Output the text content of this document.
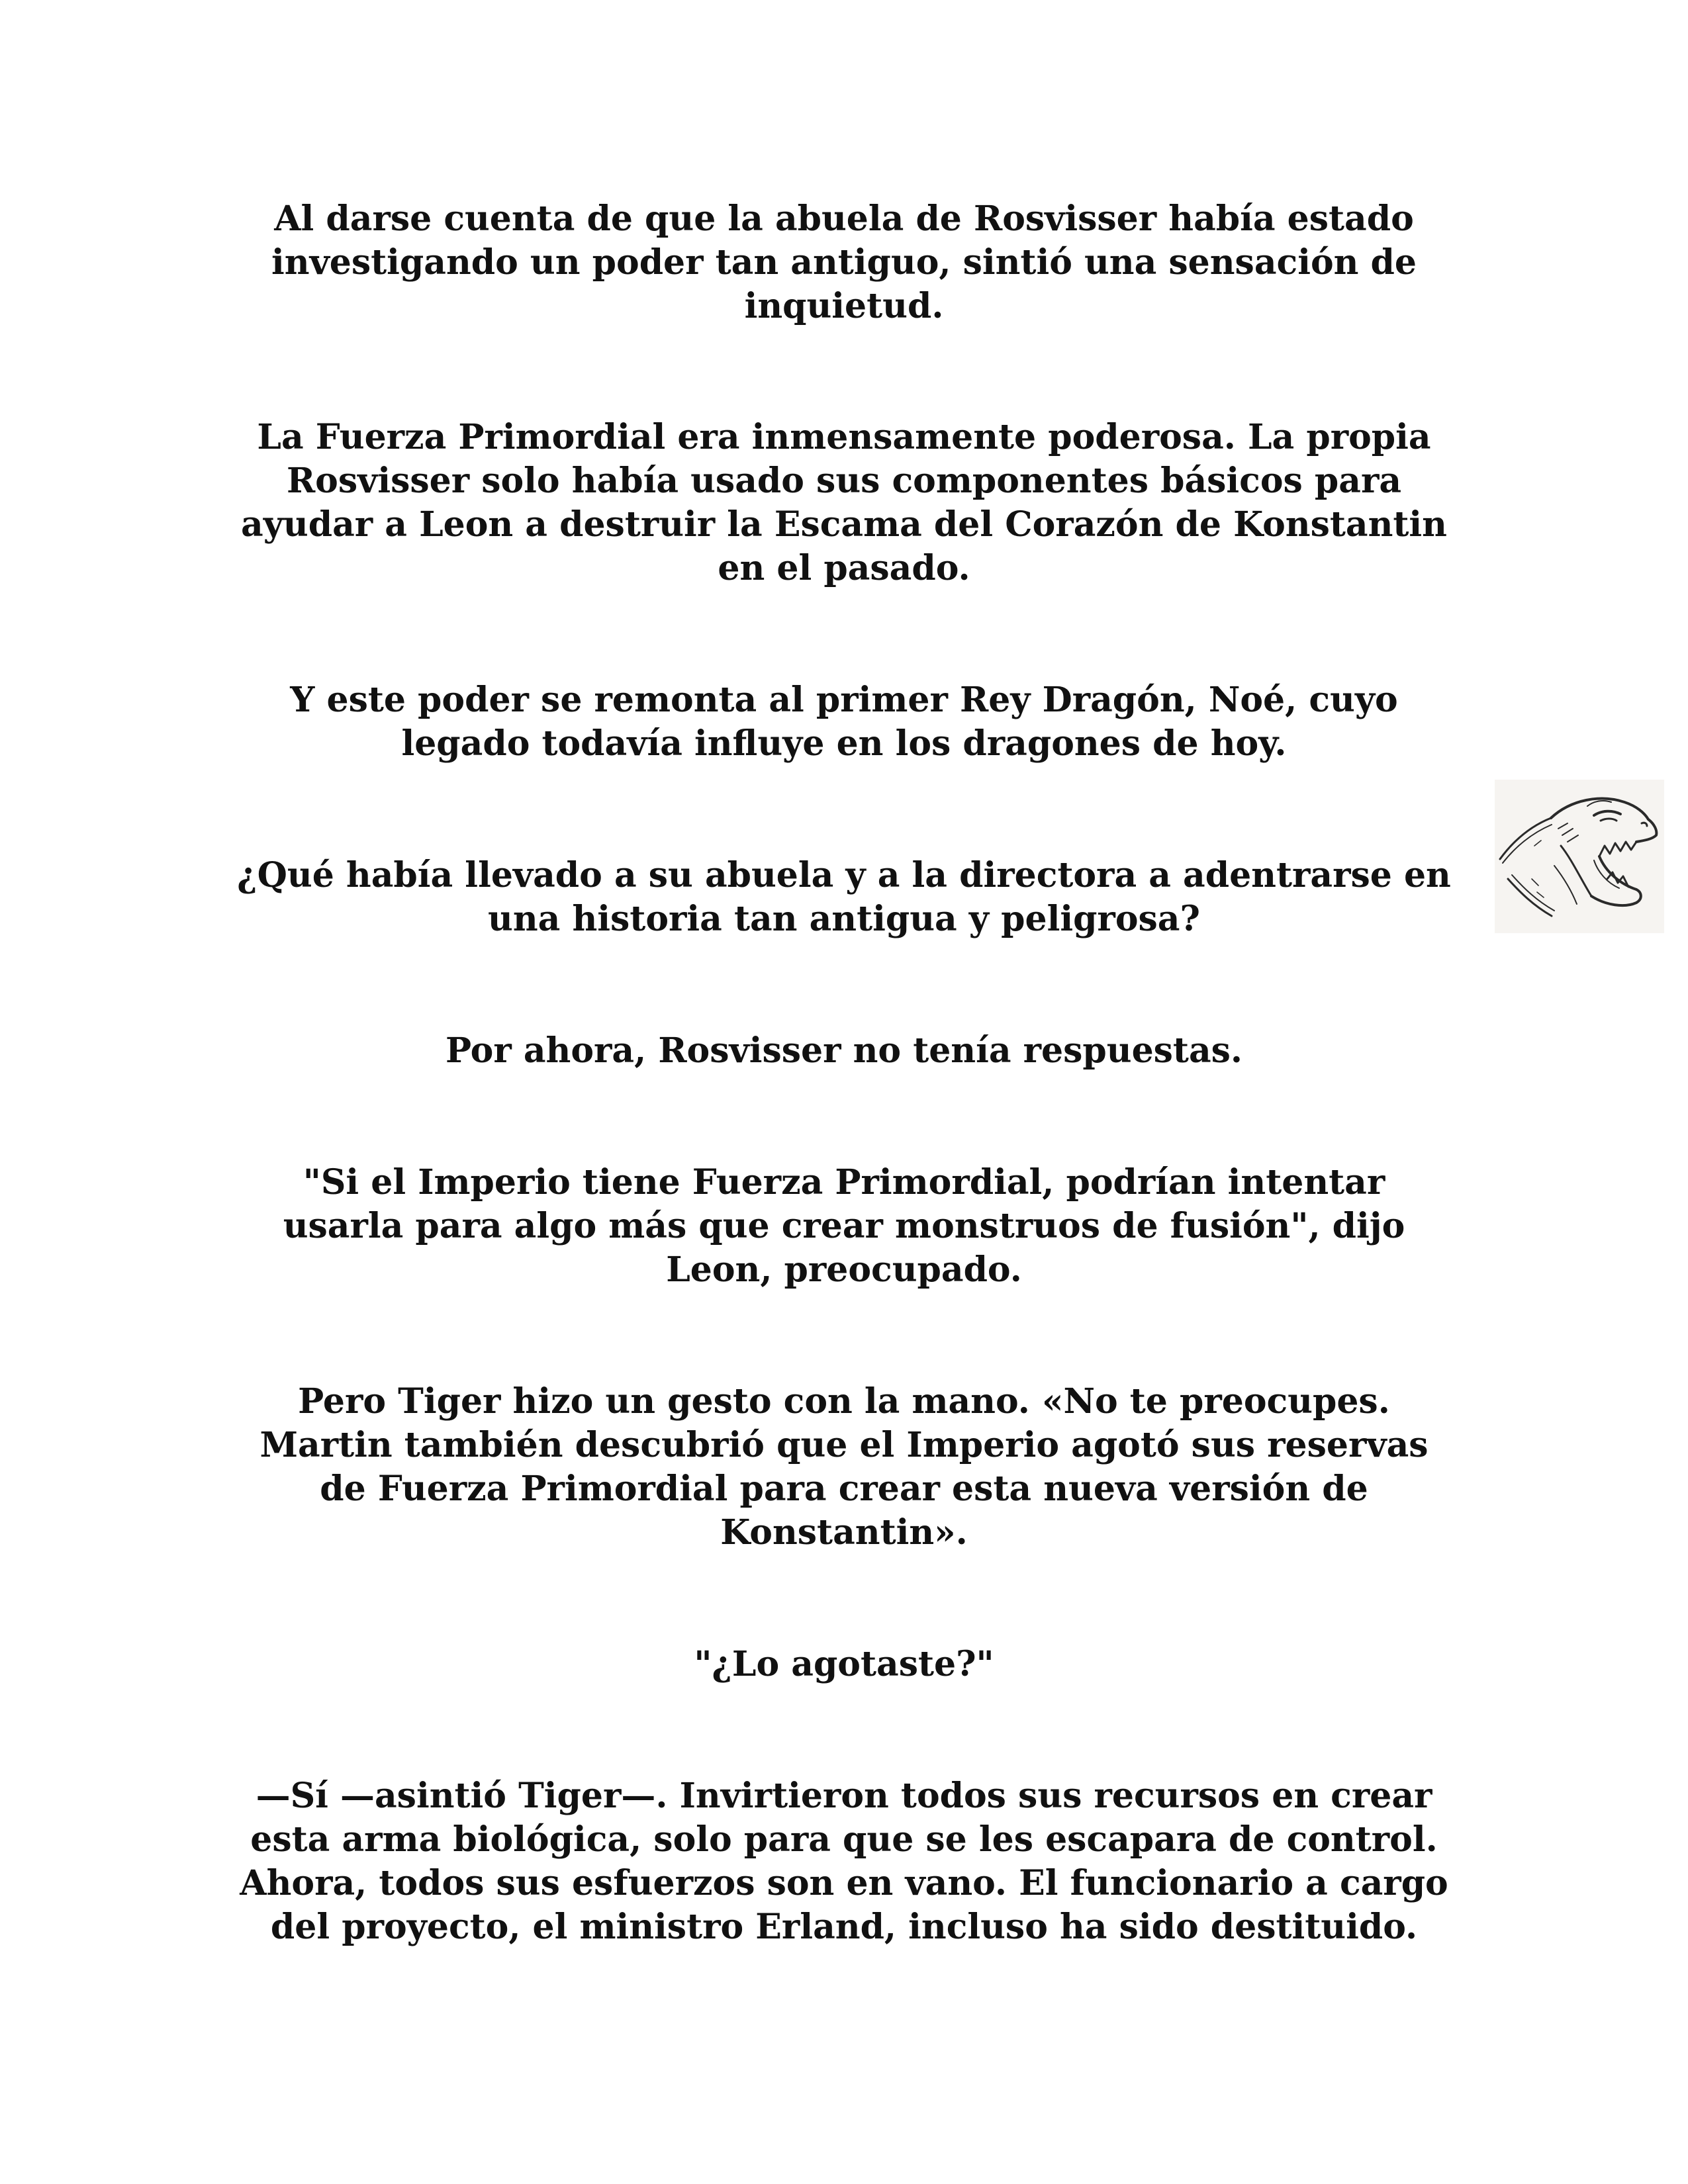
Al darse cuenta de que la abuela de Rosvisser había estado
investigando un poder tan antiguo, sintió una sensación de
inquietud.

La Fuerza Primordial era inmensamente poderosa. La propia
Rosvisser solo había usado sus componentes básicos para
ayudar a Leon a destruir la Escama del Corazón de Konstantin
en el pasado.

Y este poder se remonta al primer Rey Dragón, Noé, cuyo
legado todavía influye en los dragones de hoy.

¿Qué había llevado a su abuela y a la directora a adentrarse en
una historia tan antigua y peligrosa?

Por ahora, Rosvisser no tenía respuestas.

"Si el Imperio tiene Fuerza Primordial, podrían intentar
usarla para algo más que crear monstruos de fusión", dijo
Leon, preocupado.

Pero Tiger hizo un gesto con la mano. «No te preocupes.
Martin también descubrió que el Imperio agotó sus reservas
de Fuerza Primordial para crear esta nueva versión de
Konstantin».

"¿Lo agotaste?"

—Sí —asintió Tiger—. Invirtieron todos sus recursos en crear
esta arma biológica, solo para que se les escapara de control.
Ahora, todos sus esfuerzos son en vano. El funcionario a cargo
del proyecto, el ministro Erland, incluso ha sido destituido.
